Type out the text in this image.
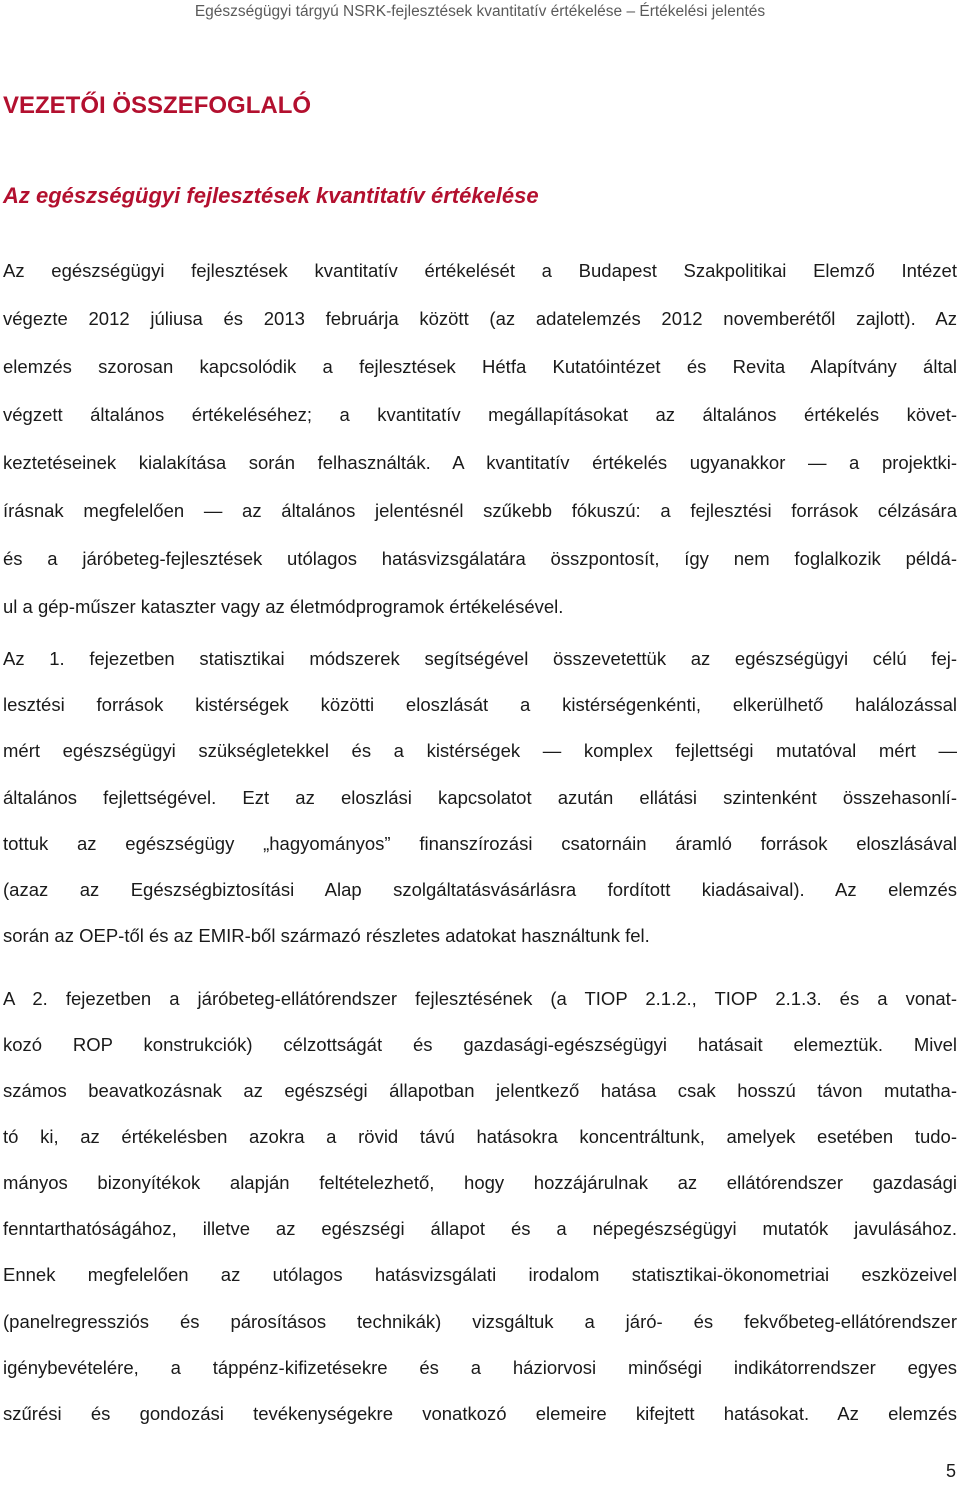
Egészségügyi tárgyú NSRK-fejlesztések kvantitatív értékelése – Értékelési jelentés
VEZETŐI ÖSSZEFOGLALÓ
Az egészségügyi fejlesztések kvantitatív értékelése
Az egészségügyi fejlesztések kvantitatív értékelését a Budapest Szakpolitikai Elemző Intézet
végezte 2012 júliusa és 2013 februárja között (az adatelemzés 2012 novemberétől zajlott). Az
elemzés szorosan kapcsolódik a fejlesztések Hétfa Kutatóintézet és Revita Alapítvány által
végzett általános értékeléséhez; a kvantitatív megállapításokat az általános értékelés követ-
keztetéseinek kialakítása során felhasználták. A kvantitatív értékelés ugyanakkor — a projektki-
írásnak megfelelően — az általános jelentésnél szűkebb fókuszú: a fejlesztési források célzására
és a járóbeteg-fejlesztések utólagos hatásvizsgálatára összpontosít, így nem foglalkozik példá-
ul a gép-műszer kataszter vagy az életmódprogramok értékelésével.
Az 1. fejezetben statisztikai módszerek segítségével összevetettük az egészségügyi célú fej-
lesztési források kistérségek közötti eloszlását a kistérségenkénti, elkerülhető halálozással
mért egészségügyi szükségletekkel és a kistérségek — komplex fejlettségi mutatóval mért —
általános fejlettségével. Ezt az eloszlási kapcsolatot azután ellátási szintenként összehasonlí-
tottuk az egészségügy „hagyományos” finanszírozási csatornáin áramló források eloszlásával
(azaz az Egészségbiztosítási Alap szolgáltatásvásárlásra fordított kiadásaival). Az elemzés
során az OEP-től és az EMIR-ből származó részletes adatokat használtunk fel.
A 2. fejezetben a járóbeteg-ellátórendszer fejlesztésének (a TIOP 2.1.2., TIOP 2.1.3. és a vonat-
kozó ROP konstrukciók) célzottságát és gazdasági-egészségügyi hatásait elemeztük. Mivel
számos beavatkozásnak az egészségi állapotban jelentkező hatása csak hosszú távon mutatha-
tó ki, az értékelésben azokra a rövid távú hatásokra koncentráltunk, amelyek esetében tudo-
mányos bizonyítékok alapján feltételezhető, hogy hozzájárulnak az ellátórendszer gazdasági
fenntarthatóságához, illetve az egészségi állapot és a népegészségügyi mutatók javulásához.
Ennek megfelelően az utólagos hatásvizsgálati irodalom statisztikai-ökonometriai eszközeivel
(panelregressziós és párosításos technikák) vizsgáltuk a járó- és fekvőbeteg-ellátórendszer
igénybevételére, a táppénz-kifizetésekre és a háziorvosi minőségi indikátorrendszer egyes
szűrési és gondozási tevékenységekre vonatkozó elemeire kifejtett hatásokat. Az elemzés
5
